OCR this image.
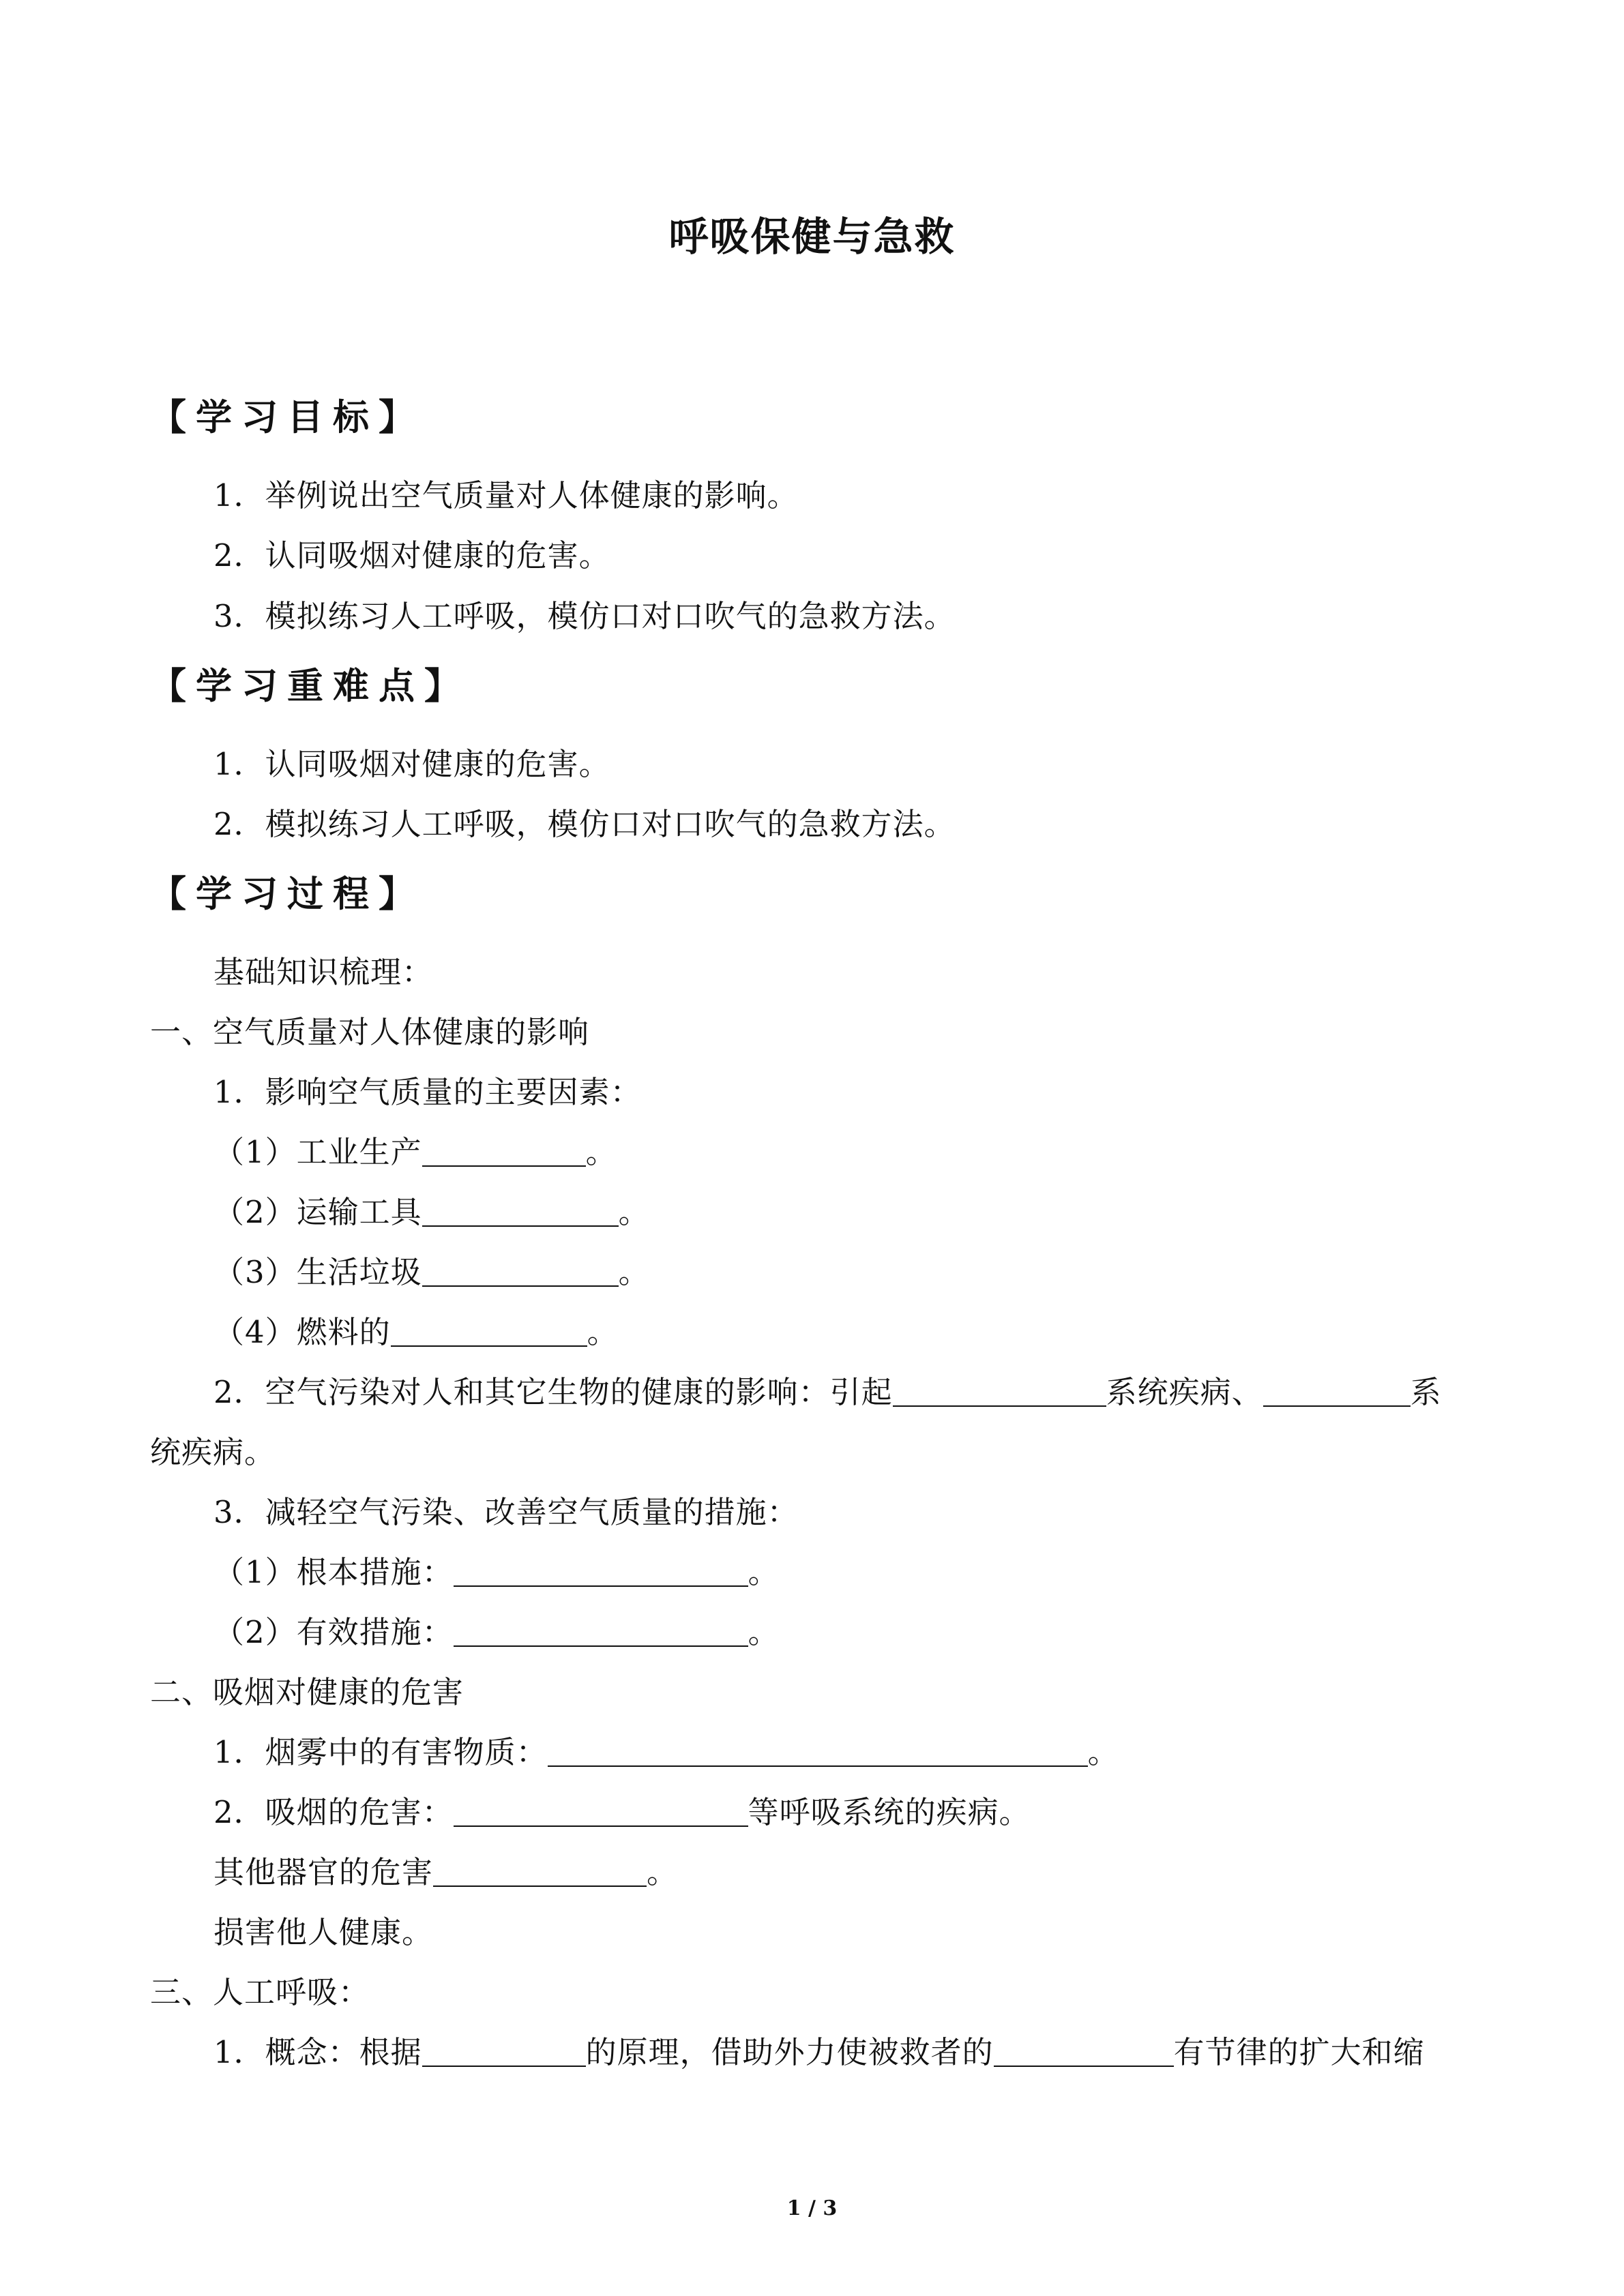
呼吸保健与急救
【学习目标】
1．举例说出空气质量对人体健康的影响。
2．认同吸烟对健康的危害。
3．模拟练习人工呼吸，模仿口对口吹气的急救方法。
【学习重难点】
1．认同吸烟对健康的危害。
2．模拟练习人工呼吸，模仿口对口吹气的急救方法。
【学习过程】
基础知识梳理：
一、空气质量对人体健康的影响
1．影响空气质量的主要因素：
（1）工业生产	。
（2）运输工具	。
（3）生活垃圾	。
（4）燃料的	。
2．空气污染对人和其它生物的健康的影响：引起	系统疾病、	系
统疾病。
3．减轻空气污染、改善空气质量的措施：
（1）根本措施：	。
（2）有效措施：	。
二、吸烟对健康的危害
1．烟雾中的有害物质：	。
2．吸烟的危害：	等呼吸系统的疾病。
其他器官的危害	。
损害他人健康。
三、人工呼吸：
1．概念：根据	的原理，借助外力使被救者的	有节律的扩大和缩
1 / 3
